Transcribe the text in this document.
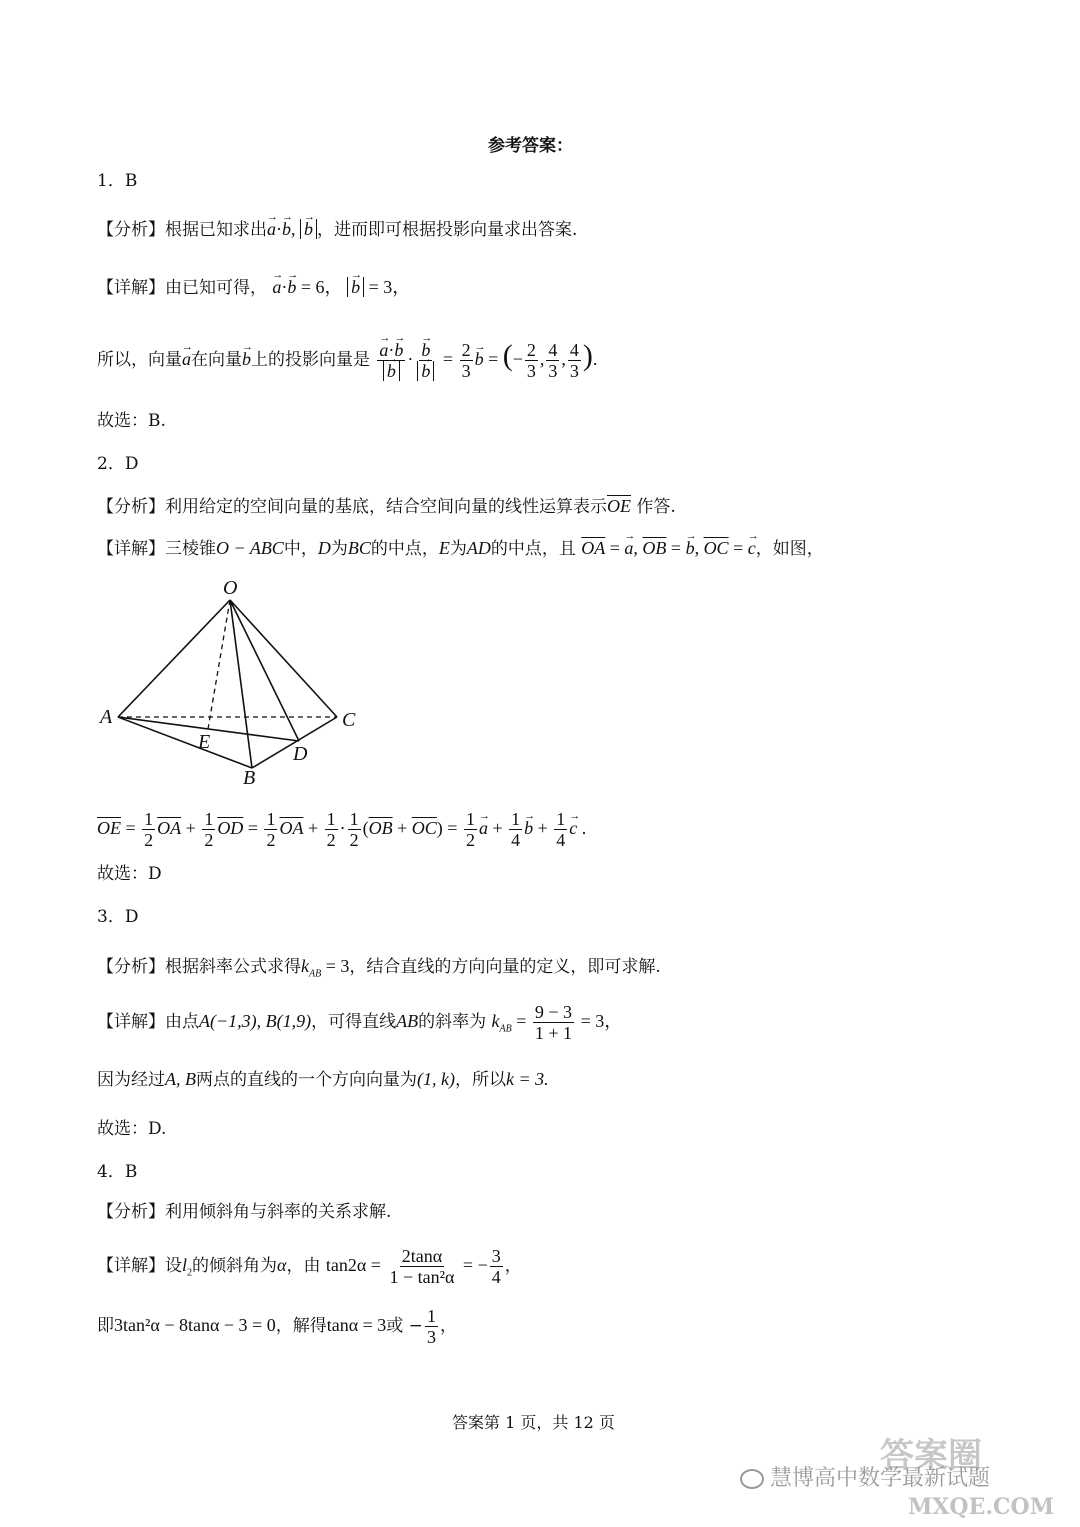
参考答案：
1．B
【分析】根据已知求出→ a·→ b, → b ，进而即可根据投影向量求出答案.
【详解】由已知可得， → a·→ b = 6， → b = 3，
所以，向量→ a在向量→ b上的投影向量是 → a·→ b
→ b · → b
→ $b = \frac{2}{3} \to b$ = (− $\frac{2}{3}$ , $\frac{4}{3}$ , $\frac{4}{3}$ ).
故选：B.
2．D
【分析】利用给定的空间向量的基底，结合空间向量的线性运算表示$\overline{OE}$ 作答.
【详解】三棱锥O − ABC中，D为BC的中点，E为AD的中点，且 $\overline{OA}$ = → a, $\overline{OB}$ = → b, $\overline{OC}$ = → c，如图，
O
A	C
E
D
B
$\overline{OE} = \frac{1}{2} \overline{OA} + \frac{1}{2} \overline{OD} = \frac{1}{2} \overline{OA} + \frac{1}{2} \cdot \frac{1}{2} (\overline{OB} + \overline{OC}) = \frac{1}{2} \to a + \frac{1}{4} \to b + \frac{1}{4} \to c$ .
故选：D
3．D
【分析】根据斜率公式求得$k_{AB} = 3$，结合直线的方向向量的定义，即可求解.
【详解】由点A(−1,3), B(1,9)，可得直线AB的斜率为 $k_{AB} = \frac{9 - 3}{1 + 1} = 3$，
因为经过A, B两点的直线的一个方向向量为(1, k)，所以k = 3.
故选：D.
4．B
【分析】利用倾斜角与斜率的关系求解.
【详解】设$l_2$的倾斜角为α，由 $\tan 2\alpha = \frac{2\tan\alpha}{\text{1 − tan²α}}$ = − $\frac{3}{4}$ ，
即3tan²α − 8tanα − 3 = 0，解得tanα = 3或 − $\frac{1}{3}$ ，
答案第 1 页，共 12 页
慧博高中数学最新试题
答案圈
MXQE.COM
